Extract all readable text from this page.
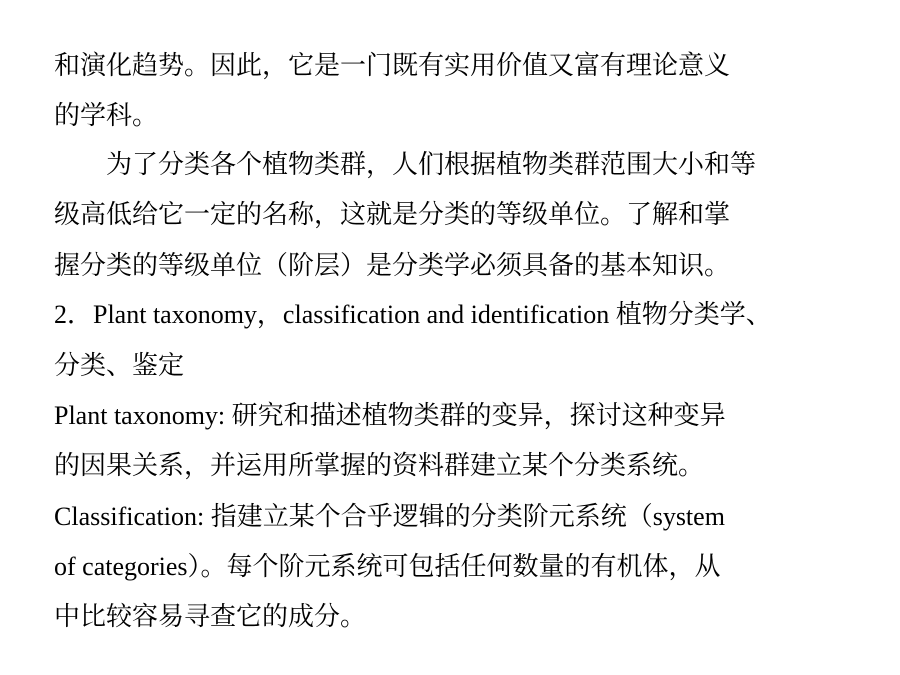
和演化趋势。因此，它是一门既有实用价值又富有理论意义
的学科。
为了分类各个植物类群，人们根据植物类群范围大小和等
级高低给它一定的名称，这就是分类的等级单位。了解和掌
握分类的等级单位（阶层）是分类学必须具备的基本知识。
2．Plant taxonomy，classification and identification 植物分类学、
分类、鉴定
Plant taxonomy: 研究和描述植物类群的变异，探讨这种变异
的因果关系，并运用所掌握的资料群建立某个分类系统。
Classification: 指建立某个合乎逻辑的分类阶元系统（system
of categories）。每个阶元系统可包括任何数量的有机体，从
中比较容易寻查它的成分。
